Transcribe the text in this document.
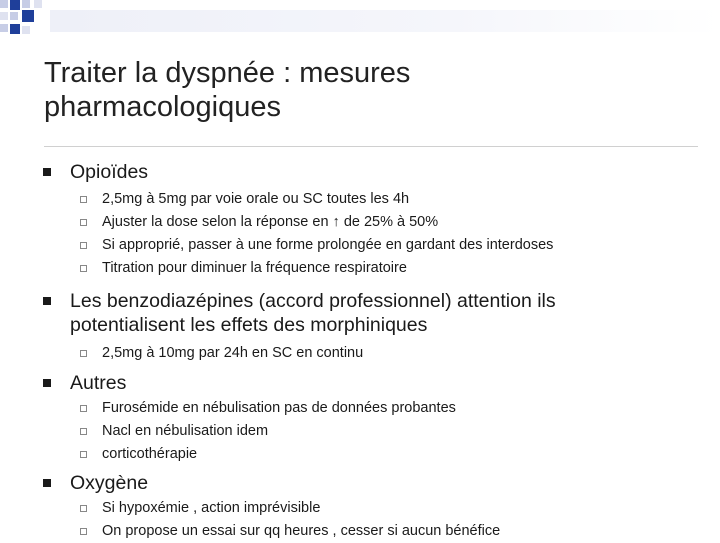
Traiter la dyspnée : mesures
pharmacologiques
Opioïdes
2,5mg à 5mg par voie orale ou SC toutes les 4h
Ajuster la dose selon la réponse en ↑ de 25% à 50%
Si approprié, passer à une forme prolongée en gardant des interdoses
Titration pour diminuer la fréquence respiratoire
Les benzodiazépines (accord professionnel) attention ils
potentialisent les effets des morphiniques
2,5mg à 10mg par 24h en SC en continu
Autres
Furosémide en nébulisation pas de données probantes
Nacl en nébulisation idem
corticothérapie
Oxygène
Si hypoxémie , action imprévisible
On propose un essai sur qq heures , cesser si aucun bénéfice
